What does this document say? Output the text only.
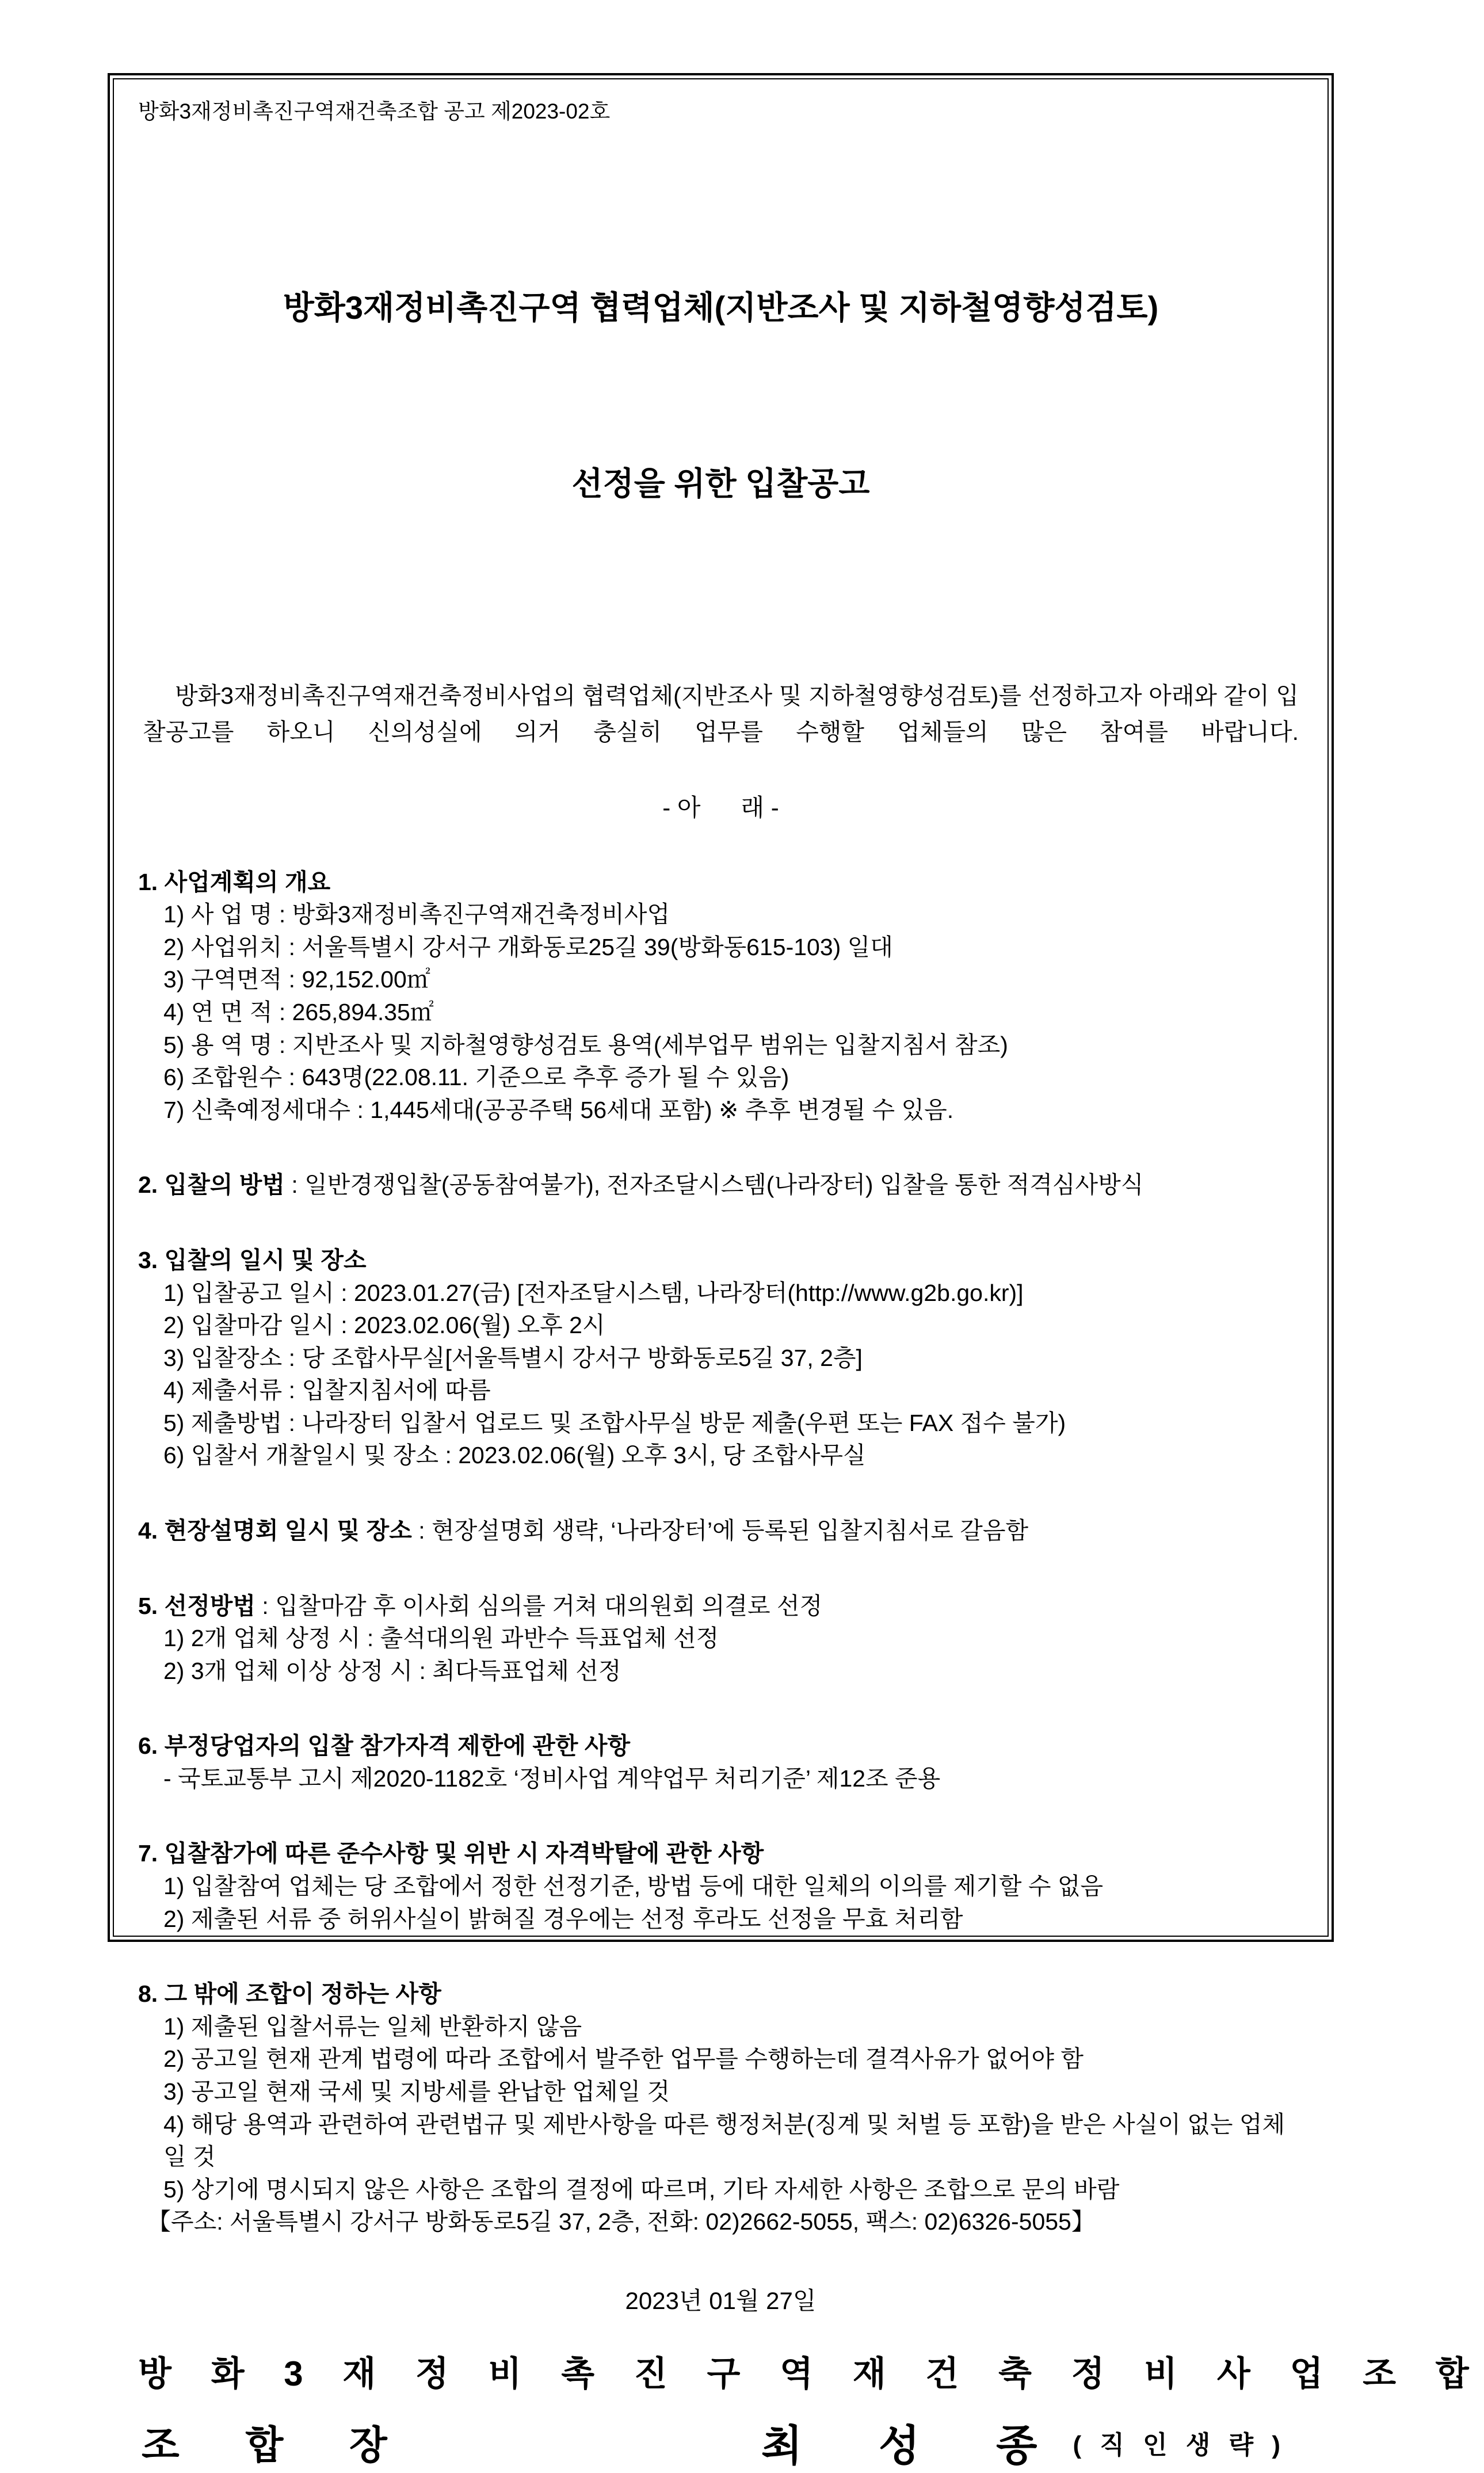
방화3재정비촉진구역재건축조합 공고 제2023-02호

방화3재정비촉진구역 협력업체(지반조사 및 지하철영향성검토)

선정을 위한 입찰공고

방화3재정비촉진구역재건축정비사업의 협력업체(지반조사 및 지하철영향성검토)를 선정하고자 아래와 같이 입찰공고를 하오니 신의성실에 의거 충실히 업무를 수행할 업체들의 많은 참여를 바랍니다.

- 아      래 -

1. 사업계획의 개요

1) 사 업 명 : 방화3재정비촉진구역재건축정비사업

2) 사업위치 : 서울특별시 강서구 개화동로25길 39(방화동615-103) 일대

3) 구역면적 : 92,152.00㎡

4) 연 면 적 : 265,894.35㎡

5) 용 역 명 : 지반조사 및 지하철영향성검토 용역(세부업무 범위는 입찰지침서 참조)

6) 조합원수 : 643명(22.08.11. 기준으로 추후 증가 될 수 있음)

7) 신축예정세대수 : 1,445세대(공공주택 56세대 포함) ※ 추후 변경될 수 있음.

2. 입찰의 방법 : 일반경쟁입찰(공동참여불가), 전자조달시스템(나라장터) 입찰을 통한 적격심사방식

3. 입찰의 일시 및 장소

1) 입찰공고 일시 : 2023.01.27(금) [전자조달시스템, 나라장터(http://www.g2b.go.kr)]

2) 입찰마감 일시 : 2023.02.06(월) 오후 2시

3) 입찰장소 : 당 조합사무실[서울특별시 강서구 방화동로5길 37, 2층]

4) 제출서류 : 입찰지침서에 따름

5) 제출방법 : 나라장터 입찰서 업로드 및 조합사무실 방문 제출(우편 또는 FAX 접수 불가)

6) 입찰서 개찰일시 및 장소 : 2023.02.06(월) 오후 3시, 당 조합사무실

4. 현장설명회 일시 및 장소 : 현장설명회 생략, ‘나라장터’에 등록된 입찰지침서로 갈음함

5. 선정방법 : 입찰마감 후 이사회 심의를 거쳐 대의원회 의결로 선정

1) 2개 업체 상정 시 : 출석대의원 과반수 득표업체 선정

2) 3개 업체 이상 상정 시 : 최다득표업체 선정

6. 부정당업자의 입찰 참가자격 제한에 관한 사항

- 국토교통부 고시 제2020-1182호 ‘정비사업 계약업무 처리기준’ 제12조 준용

7. 입찰참가에 따른 준수사항 및 위반 시 자격박탈에 관한 사항

1) 입찰참여 업체는 당 조합에서 정한 선정기준, 방법 등에 대한 일체의 이의를 제기할 수 없음

2) 제출된 서류 중 허위사실이 밝혀질 경우에는 선정 후라도 선정을 무효 처리함

8. 그 밖에 조합이 정하는 사항

1) 제출된 입찰서류는 일체 반환하지 않음

2) 공고일 현재 관계 법령에 따라 조합에서 발주한 업무를 수행하는데 결격사유가 없어야 함

3) 공고일 현재 국세 및 지방세를 완납한 업체일 것

4) 해당 용역과 관련하여 관련법규 및 제반사항을 따른 행정처분(징계 및 처벌 등 포함)을 받은 사실이 없는 업체일 것

5) 상기에 명시되지 않은 사항은 조합의 결정에 따르며, 기타 자세한 사항은 조합으로 문의 바람

【주소: 서울특별시 강서구 방화동로5길 37, 2층, 전화: 02)2662-5055, 팩스: 02)6326-5055】

2023년 01월 27일

방 화 3 재 정 비 촉 진 구 역 재 건 축 정 비 사 업 조 합
조 합 장	최 성 종 ( 직 인 생 략 )
